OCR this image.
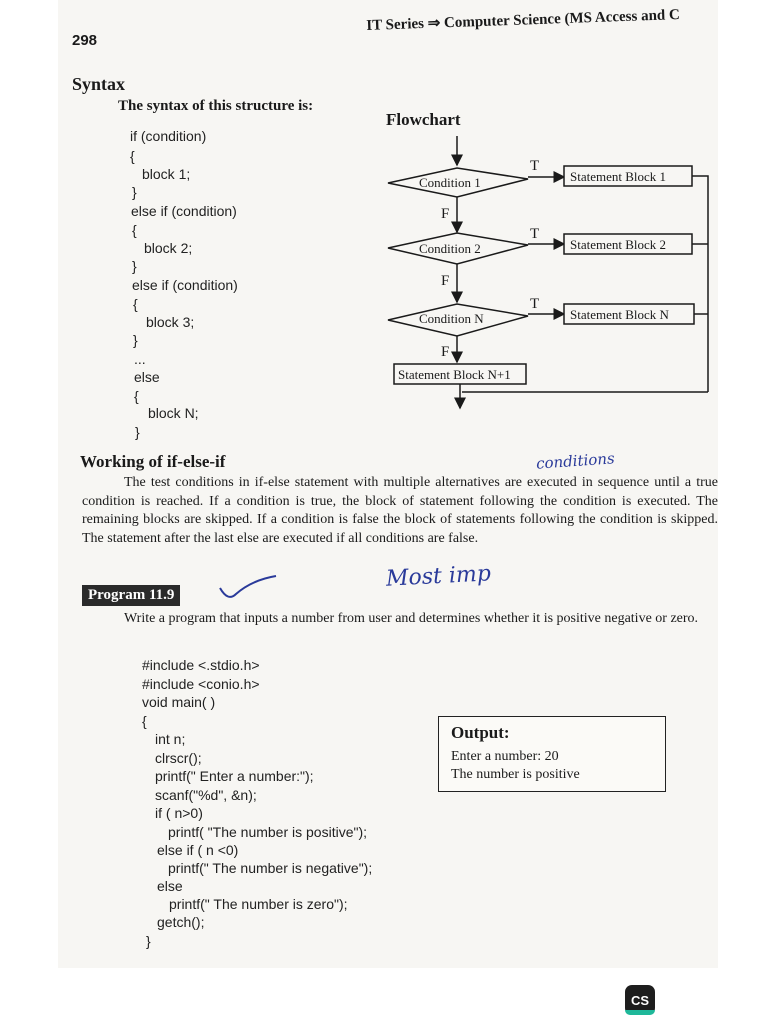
298
IT Series ⇒ Computer Science (MS Access and C
Syntax
The syntax of this structure is:
if (condition)
{
block 1;
}
else if (condition)
{
block 2;
}
else if (condition)
{
block 3;
}
...
else
{
block N;
}
Flowchart
Condition 1
Condition 2
Condition N
Statement Block 1
Statement Block 2
Statement Block N
Statement Block N+1
T
T
T
F
F
F
Working of if-else-if	conditions

The test conditions in if-else statement with multiple alternatives are executed in sequence until a true condition is reached. If a condition is true, the block of statement following the condition is executed. The remaining blocks are skipped. If a condition is false the block of statements following the condition is skipped. The statement after the last else are executed if all conditions are false.

Program 11.9
Most imp
Write a program that inputs a number from user and determines whether it is positive negative or zero.
#include <.stdio.h>
#include <conio.h>
void main( )
{
int n;
clrscr();
printf(" Enter a number:");
scanf("%d", &n);
if ( n>0)
printf( "The number is positive");
else if ( n <0)
printf(" The number is negative");
else
printf(" The number is zero");
getch();
}
Output:
Enter a number: 20
The number is positive
CS
